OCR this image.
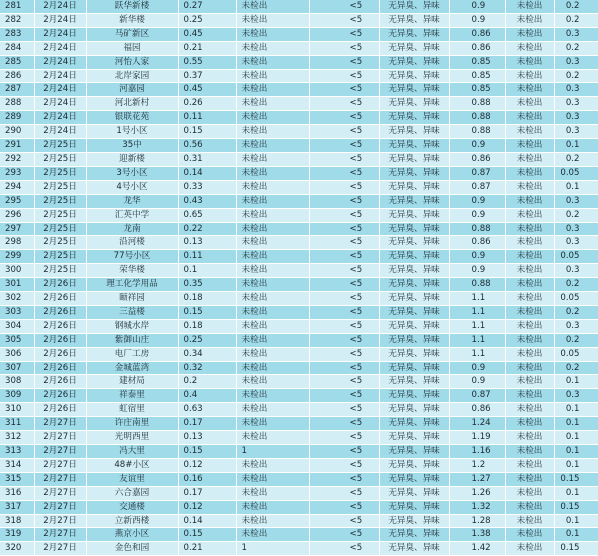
281	2月24日	跃华新楼	0.27	未检出	<5	无异臭、异味	0.9	未检出	0.2
282	2月24日	新华楼	0.25	未检出	<5	无异臭、异味	0.9	未检出	0.2
283	2月24日	马矿新区	0.45	未检出	<5	无异臭、异味	0.86	未检出	0.3
284	2月24日	福园	0.21	未检出	<5	无异臭、异味	0.86	未检出	0.2
285	2月24日	河怡人家	0.55	未检出	<5	无异臭、异味	0.85	未检出	0.3
286	2月24日	北岸家园	0.37	未检出	<5	无异臭、异味	0.85	未检出	0.2
287	2月24日	河嘉园	0.45	未检出	<5	无异臭、异味	0.85	未检出	0.3
288	2月24日	河北新村	0.26	未检出	<5	无异臭、异味	0.88	未检出	0.3
289	2月24日	银联花苑	0.11	未检出	<5	无异臭、异味	0.88	未检出	0.3
290	2月24日	1号小区	0.15	未检出	<5	无异臭、异味	0.88	未检出	0.3
291	2月25日	35中	0.56	未检出	<5	无异臭、异味	0.9	未检出	0.1
292	2月25日	迎新楼	0.31	未检出	<5	无异臭、异味	0.86	未检出	0.2
293	2月25日	3号小区	0.14	未检出	<5	无异臭、异味	0.87	未检出	0.05
294	2月25日	4号小区	0.33	未检出	<5	无异臭、异味	0.87	未检出	0.1
295	2月25日	龙华	0.43	未检出	<5	无异臭、异味	0.9	未检出	0.3
296	2月25日	汇英中学	0.65	未检出	<5	无异臭、异味	0.9	未检出	0.2
297	2月25日	龙南	0.22	未检出	<5	无异臭、异味	0.88	未检出	0.3
298	2月25日	沿河楼	0.13	未检出	<5	无异臭、异味	0.86	未检出	0.3
299	2月25日	77号小区	0.11	未检出	<5	无异臭、异味	0.9	未检出	0.05
300	2月25日	荣华楼	0.1	未检出	<5	无异臭、异味	0.9	未检出	0.3
301	2月26日	理工化学用品	0.35	未检出	<5	无异臭、异味	0.88	未检出	0.2
302	2月26日	颐祥园	0.18	未检出	<5	无异臭、异味	1.1	未检出	0.05
303	2月26日	三益楼	0.15	未检出	<5	无异臭、异味	1.1	未检出	0.2
304	2月26日	钢城水岸	0.18	未检出	<5	无异臭、异味	1.1	未检出	0.3
305	2月26日	紫御山庄	0.25	未检出	<5	无异臭、异味	1.1	未检出	0.2
306	2月26日	电厂工房	0.34	未检出	<5	无异臭、异味	1.1	未检出	0.05
307	2月26日	金城蓝湾	0.32	未检出	<5	无异臭、异味	0.9	未检出	0.2
308	2月26日	建材局	0.2	未检出	<5	无异臭、异味	0.9	未检出	0.1
309	2月26日	祥泰里	0.4	未检出	<5	无异臭、异味	0.87	未检出	0.3
310	2月26日	虹宿里	0.63	未检出	<5	无异臭、异味	0.86	未检出	0.1
311	2月27日	许庄南里	0.17	未检出	<5	无异臭、异味	1.24	未检出	0.1
312	2月27日	光明西里	0.13	未检出	<5	无异臭、异味	1.19	未检出	0.1
313	2月27日	冯大里	0.15	1	<5	无异臭、异味	1.16	未检出	0.1
314	2月27日	48#小区	0.12	未检出	<5	无异臭、异味	1.2	未检出	0.1
315	2月27日	友谊里	0.16	未检出	<5	无异臭、异味	1.27	未检出	0.15
316	2月27日	六合嘉园	0.17	未检出	<5	无异臭、异味	1.26	未检出	0.1
317	2月27日	交通楼	0.12	未检出	<5	无异臭、异味	1.32	未检出	0.15
318	2月27日	立新西楼	0.14	未检出	<5	无异臭、异味	1.28	未检出	0.1
319	2月27日	燕京小区	0.15	未检出	<5	无异臭、异味	1.38	未检出	0.1
320	2月27日	金色和园	0.21	1	<5	无异臭、异味	1.42	未检出	0.15
